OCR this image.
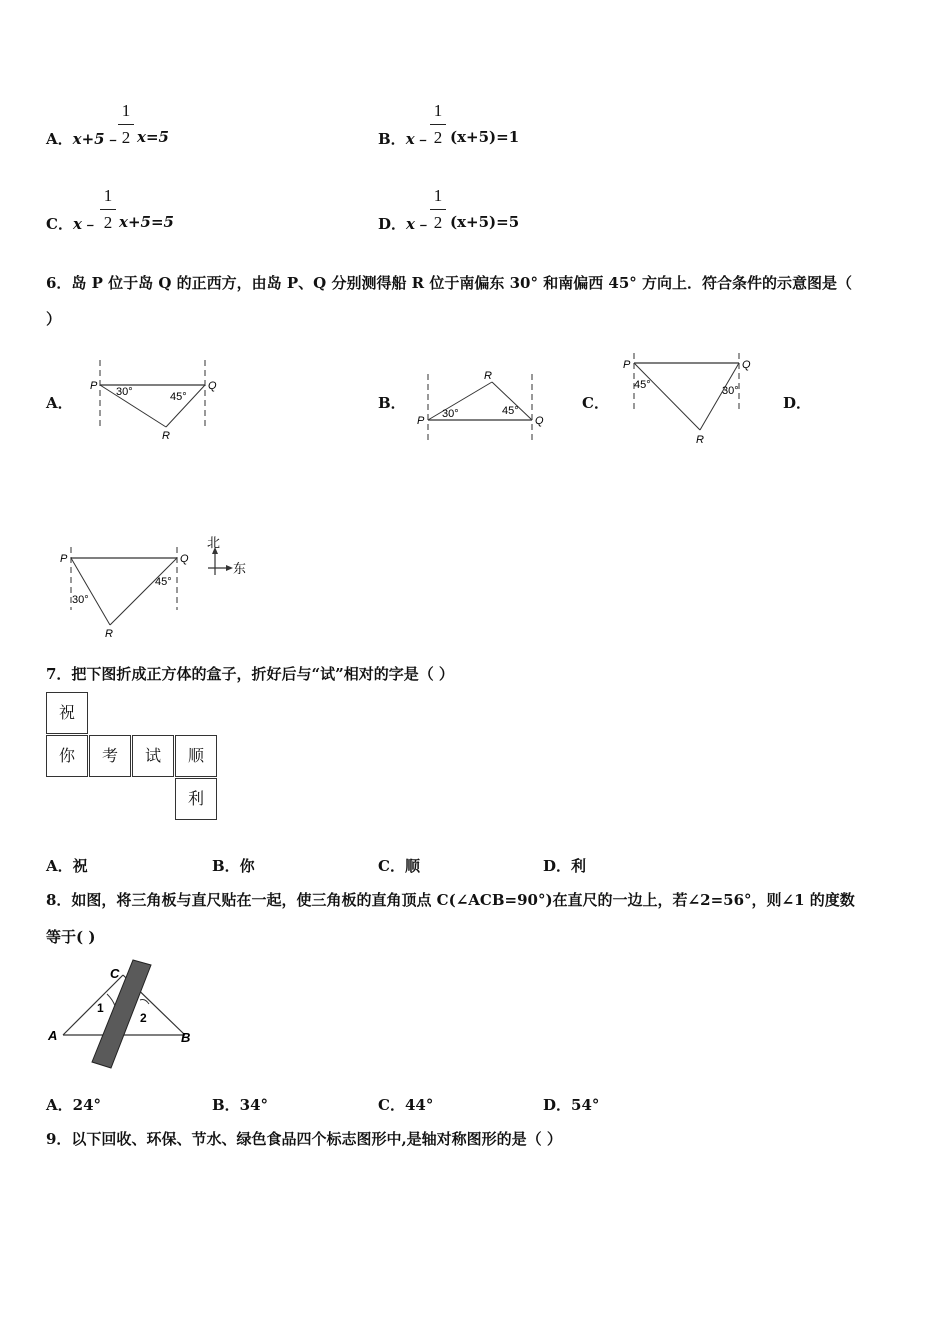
A．x+5﹣
1
2 x=5	B．x﹣
1
2 (x+5)=1
C．x﹣
1
2 x+5=5	D．x﹣
1
2 (x+5)=5
6．岛 P 位于岛 Q 的正西方，由岛 P、Q 分别测得船 R 位于南偏东 30° 和南偏西 45° 方向上．符合条件的示意图是（
）
A．
P	Q
R
30°	45°	B．
P	Q
R
30°	45°	C．
P	Q
R
45°	30°
D．
P	Q
R
30°
45°
北
东
7．把下图折成正方体的盒子，折好后与“试”相对的字是（ ）
祝
你	考	试	顺
利
A．祝	B．你	C．顺	D．利
8．如图，将三角板与直尺贴在一起，使三角板的直角顶点 C(∠ACB=90°)在直尺的一边上，若∠2=56°，则∠1 的度数
等于( )
A	B
C
1
2
A．24°	B．34°	C．44°	D．54°
9．以下回收、环保、节水、绿色食品四个标志图形中,是轴对称图形的是（ ）
